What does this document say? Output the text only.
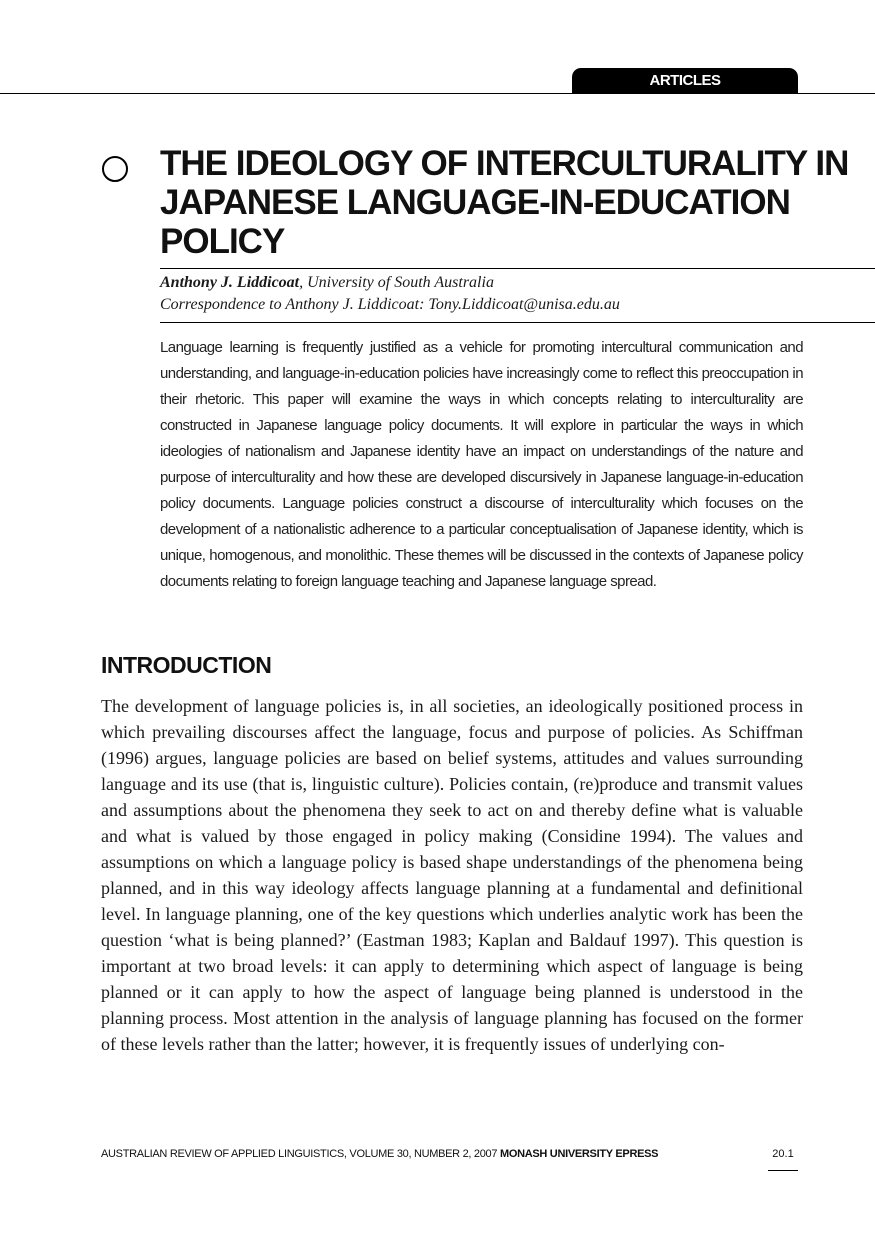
ARTICLES
THE IDEOLOGY OF INTERCULTURALITY IN JAPANESE LANGUAGE-IN-EDUCATION POLICY
Anthony J. Liddicoat, University of South Australia
Correspondence to Anthony J. Liddicoat: Tony.Liddicoat@unisa.edu.au

Language learning is frequently justified as a vehicle for promoting intercultural communication and understanding, and language-in-education policies have increasingly come to reflect this preoccupation in their rhetoric. This paper will examine the ways in which concepts relating to interculturality are constructed in Japanese language policy documents. It will explore in particular the ways in which ideologies of nationalism and Japanese identity have an impact on understandings of the nature and purpose of interculturality and how these are developed discursively in Japanese language-in-education policy documents. Language policies construct a discourse of interculturality which focuses on the development of a nationalistic adherence to a particular conceptualisation of Japanese identity, which is unique, homogenous, and monolithic. These themes will be discussed in the contexts of Japanese policy documents relating to foreign language teaching and Japanese language spread.

INTRODUCTION

The development of language policies is, in all societies, an ideologically positioned process in which prevailing discourses affect the language, focus and purpose of policies. As Schiffman (1996) argues, language policies are based on belief systems, attitudes and values surrounding language and its use (that is, linguistic culture). Policies contain, (re)produce and transmit values and assumptions about the phenomena they seek to act on and thereby define what is valuable and what is valued by those engaged in policy making (Considine 1994). The values and assumptions on which a language policy is based shape understandings of the phenomena being planned, and in this way ideology affects language planning at a fundamental and definitional level. In language planning, one of the key questions which underlies analytic work has been the question ‘what is being planned?’ (Eastman 1983; Kaplan and Baldauf 1997). This question is important at two broad levels: it can apply to determining which aspect of language is being planned or it can apply to how the aspect of language being planned is understood in the planning process. Most attention in the analysis of language planning has focused on the former of these levels rather than the latter; however, it is frequently issues of underlying con-

AUSTRALIAN REVIEW OF APPLIED LINGUISTICS, VOLUME 30, NUMBER 2, 2007 MONASH UNIVERSITY EPRESS	20.1
